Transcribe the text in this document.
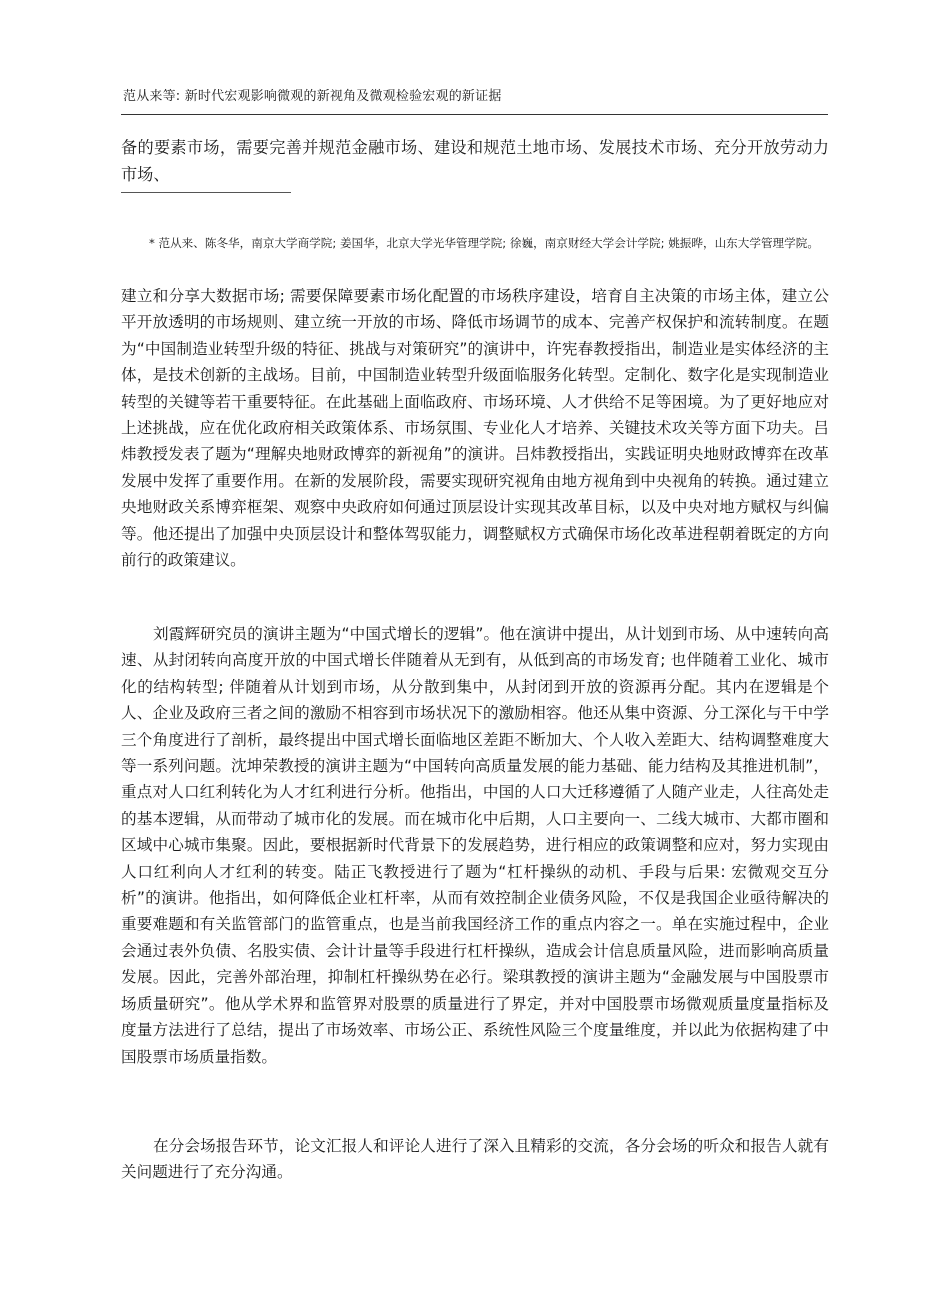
范从来等: 新时代宏观影响微观的新视角及微观检验宏观的新证据

备的要素市场，需要完善并规范金融市场、建设和规范土地市场、发展技术市场、充分开放劳动力市场、

* 范从来、陈冬华，南京大学商学院; 姜国华，北京大学光华管理学院; 徐巍，南京财经大学会计学院; 姚振晔，山东大学管理学院。

建立和分享大数据市场; 需要保障要素市场化配置的市场秩序建设，培育自主决策的市场主体，建立公平开放透明的市场规则、建立统一开放的市场、降低市场调节的成本、完善产权保护和流转制度。在题为“中国制造业转型升级的特征、挑战与对策研究”的演讲中，许宪春教授指出，制造业是实体经济的主体，是技术创新的主战场。目前，中国制造业转型升级面临服务化转型。定制化、数字化是实现制造业转型的关键等若干重要特征。在此基础上面临政府、市场环境、人才供给不足等困境。为了更好地应对上述挑战，应在优化政府相关政策体系、市场氛围、专业化人才培养、关键技术攻关等方面下功夫。吕炜教授发表了题为“理解央地财政博弈的新视角”的演讲。吕炜教授指出，实践证明央地财政博弈在改革发展中发挥了重要作用。在新的发展阶段，需要实现研究视角由地方视角到中央视角的转换。通过建立央地财政关系博弈框架、观察中央政府如何通过顶层设计实现其改革目标，以及中央对地方赋权与纠偏等。他还提出了加强中央顶层设计和整体驾驭能力，调整赋权方式确保市场化改革进程朝着既定的方向前行的政策建议。

刘霞辉研究员的演讲主题为“中国式增长的逻辑”。他在演讲中提出，从计划到市场、从中速转向高速、从封闭转向高度开放的中国式增长伴随着从无到有，从低到高的市场发育; 也伴随着工业化、城市化的结构转型; 伴随着从计划到市场，从分散到集中，从封闭到开放的资源再分配。其内在逻辑是个人、企业及政府三者之间的激励不相容到市场状况下的激励相容。他还从集中资源、分工深化与干中学三个角度进行了剖析，最终提出中国式增长面临地区差距不断加大、个人收入差距大、结构调整难度大等一系列问题。沈坤荣教授的演讲主题为“中国转向高质量发展的能力基础、能力结构及其推进机制”，重点对人口红利转化为人才红利进行分析。他指出，中国的人口大迁移遵循了人随产业走，人往高处走的基本逻辑，从而带动了城市化的发展。而在城市化中后期，人口主要向一、二线大城市、大都市圈和区域中心城市集聚。因此，要根据新时代背景下的发展趋势，进行相应的政策调整和应对，努力实现由人口红利向人才红利的转变。陆正飞教授进行了题为“杠杆操纵的动机、手段与后果: 宏微观交互分析”的演讲。他指出，如何降低企业杠杆率，从而有效控制企业债务风险，不仅是我国企业亟待解决的重要难题和有关监管部门的监管重点，也是当前我国经济工作的重点内容之一。单在实施过程中，企业会通过表外负债、名股实债、会计计量等手段进行杠杆操纵，造成会计信息质量风险，进而影响高质量发展。因此，完善外部治理，抑制杠杆操纵势在必行。梁琪教授的演讲主题为“金融发展与中国股票市场质量研究”。他从学术界和监管界对股票的质量进行了界定，并对中国股票市场微观质量度量指标及度量方法进行了总结，提出了市场效率、市场公正、系统性风险三个度量维度，并以此为依据构建了中国股票市场质量指数。

在分会场报告环节，论文汇报人和评论人进行了深入且精彩的交流，各分会场的听众和报告人就有关问题进行了充分沟通。
